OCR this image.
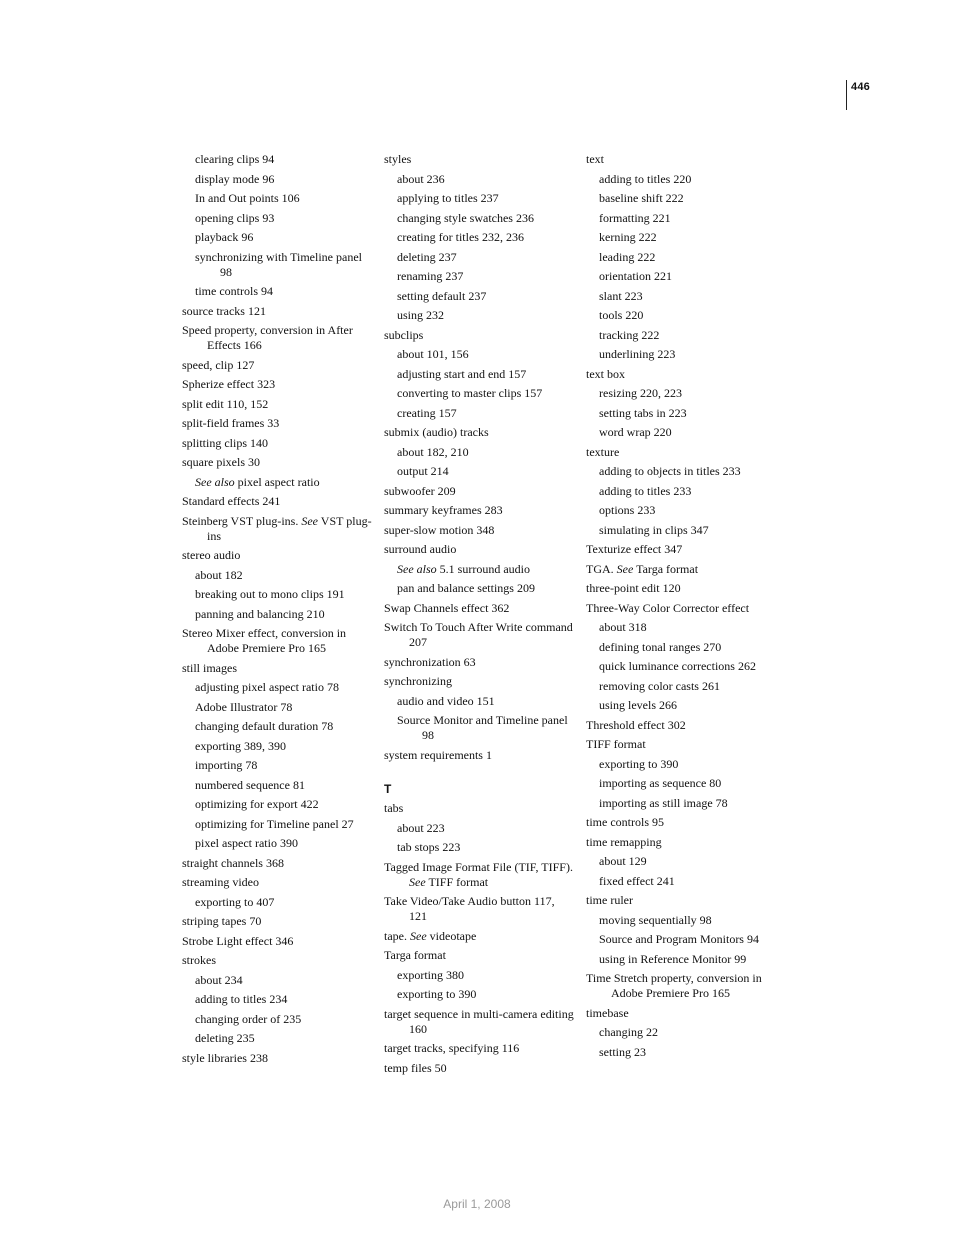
446
clearing clips 94
display mode 96
In and Out points 106
opening clips 93
playback 96
synchronizing with Timeline panel 98
time controls 94
source tracks 121
Speed property, conversion in After Effects 166
speed, clip 127
Spherize effect 323
split edit 110, 152
split-field frames 33
splitting clips 140
square pixels 30
See also pixel aspect ratio
Standard effects 241
Steinberg VST plug-ins. See VST plug-ins
stereo audio
about 182
breaking out to mono clips 191
panning and balancing 210
Stereo Mixer effect, conversion in Adobe Premiere Pro 165
still images
adjusting pixel aspect ratio 78
Adobe Illustrator 78
changing default duration 78
exporting 389, 390
importing 78
numbered sequence 81
optimizing for export 422
optimizing for Timeline panel 27
pixel aspect ratio 390
straight channels 368
streaming video
exporting to 407
striping tapes 70
Strobe Light effect 346
strokes
about 234
adding to titles 234
changing order of 235
deleting 235
style libraries 238
styles
about 236
applying to titles 237
changing style swatches 236
creating for titles 232, 236
deleting 237
renaming 237
setting default 237
using 232
subclips
about 101, 156
adjusting start and end 157
converting to master clips 157
creating 157
submix (audio) tracks
about 182, 210
output 214
subwoofer 209
summary keyframes 283
super-slow motion 348
surround audio
See also 5.1 surround audio
pan and balance settings 209
Swap Channels effect 362
Switch To Touch After Write command 207
synchronization 63
synchronizing
audio and video 151
Source Monitor and Timeline panel 98
system requirements 1
T
tabs
about 223
tab stops 223
Tagged Image Format File (TIF, TIFF). See TIFF format
Take Video/Take Audio button 117, 121
tape. See videotape
Targa format
exporting 380
exporting to 390
target sequence in multi-camera editing 160
target tracks, specifying 116
temp files 50
text
adding to titles 220
baseline shift 222
formatting 221
kerning 222
leading 222
orientation 221
slant 223
tools 220
tracking 222
underlining 223
text box
resizing 220, 223
setting tabs in 223
word wrap 220
texture
adding to objects in titles 233
adding to titles 233
options 233
simulating in clips 347
Texturize effect 347
TGA. See Targa format
three-point edit 120
Three-Way Color Corrector effect
about 318
defining tonal ranges 270
quick luminance corrections 262
removing color casts 261
using levels 266
Threshold effect 302
TIFF format
exporting to 390
importing as sequence 80
importing as still image 78
time controls 95
time remapping
about 129
fixed effect 241
time ruler
moving sequentially 98
Source and Program Monitors 94
using in Reference Monitor 99
Time Stretch property, conversion in Adobe Premiere Pro 165
timebase
changing 22
setting 23
April 1, 2008
